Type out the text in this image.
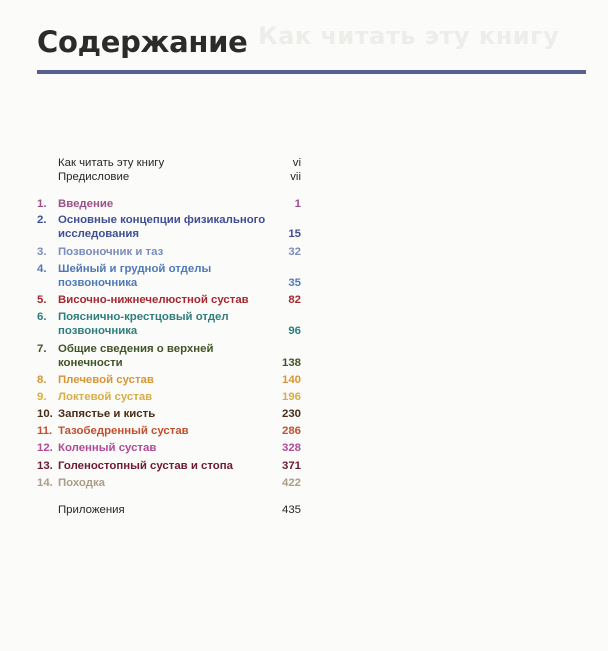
Как читать эту книгу
Содержание
Как читать эту книгу	vi
Предисловие	vii
1.	Введение	1
2.	Основные концепции физикального исследования	15
3.	Позвоночник и таз	32
4.	Шейный и грудной отделы позвоночника	35
5.	Височно-нижнечелюстной сустав	82
6.	Пояснично-крестцовый отдел позвоночника	96
7.	Общие сведения о верхней конечности	138
8.	Плечевой сустав	140
9.	Локтевой сустав	196
10. Запястье и кисть	230
11. Тазобедренный сустав	286
12. Коленный сустав	328
13. Голеностопный сустав и стопа	371
14. Походка	422
Приложения	435
